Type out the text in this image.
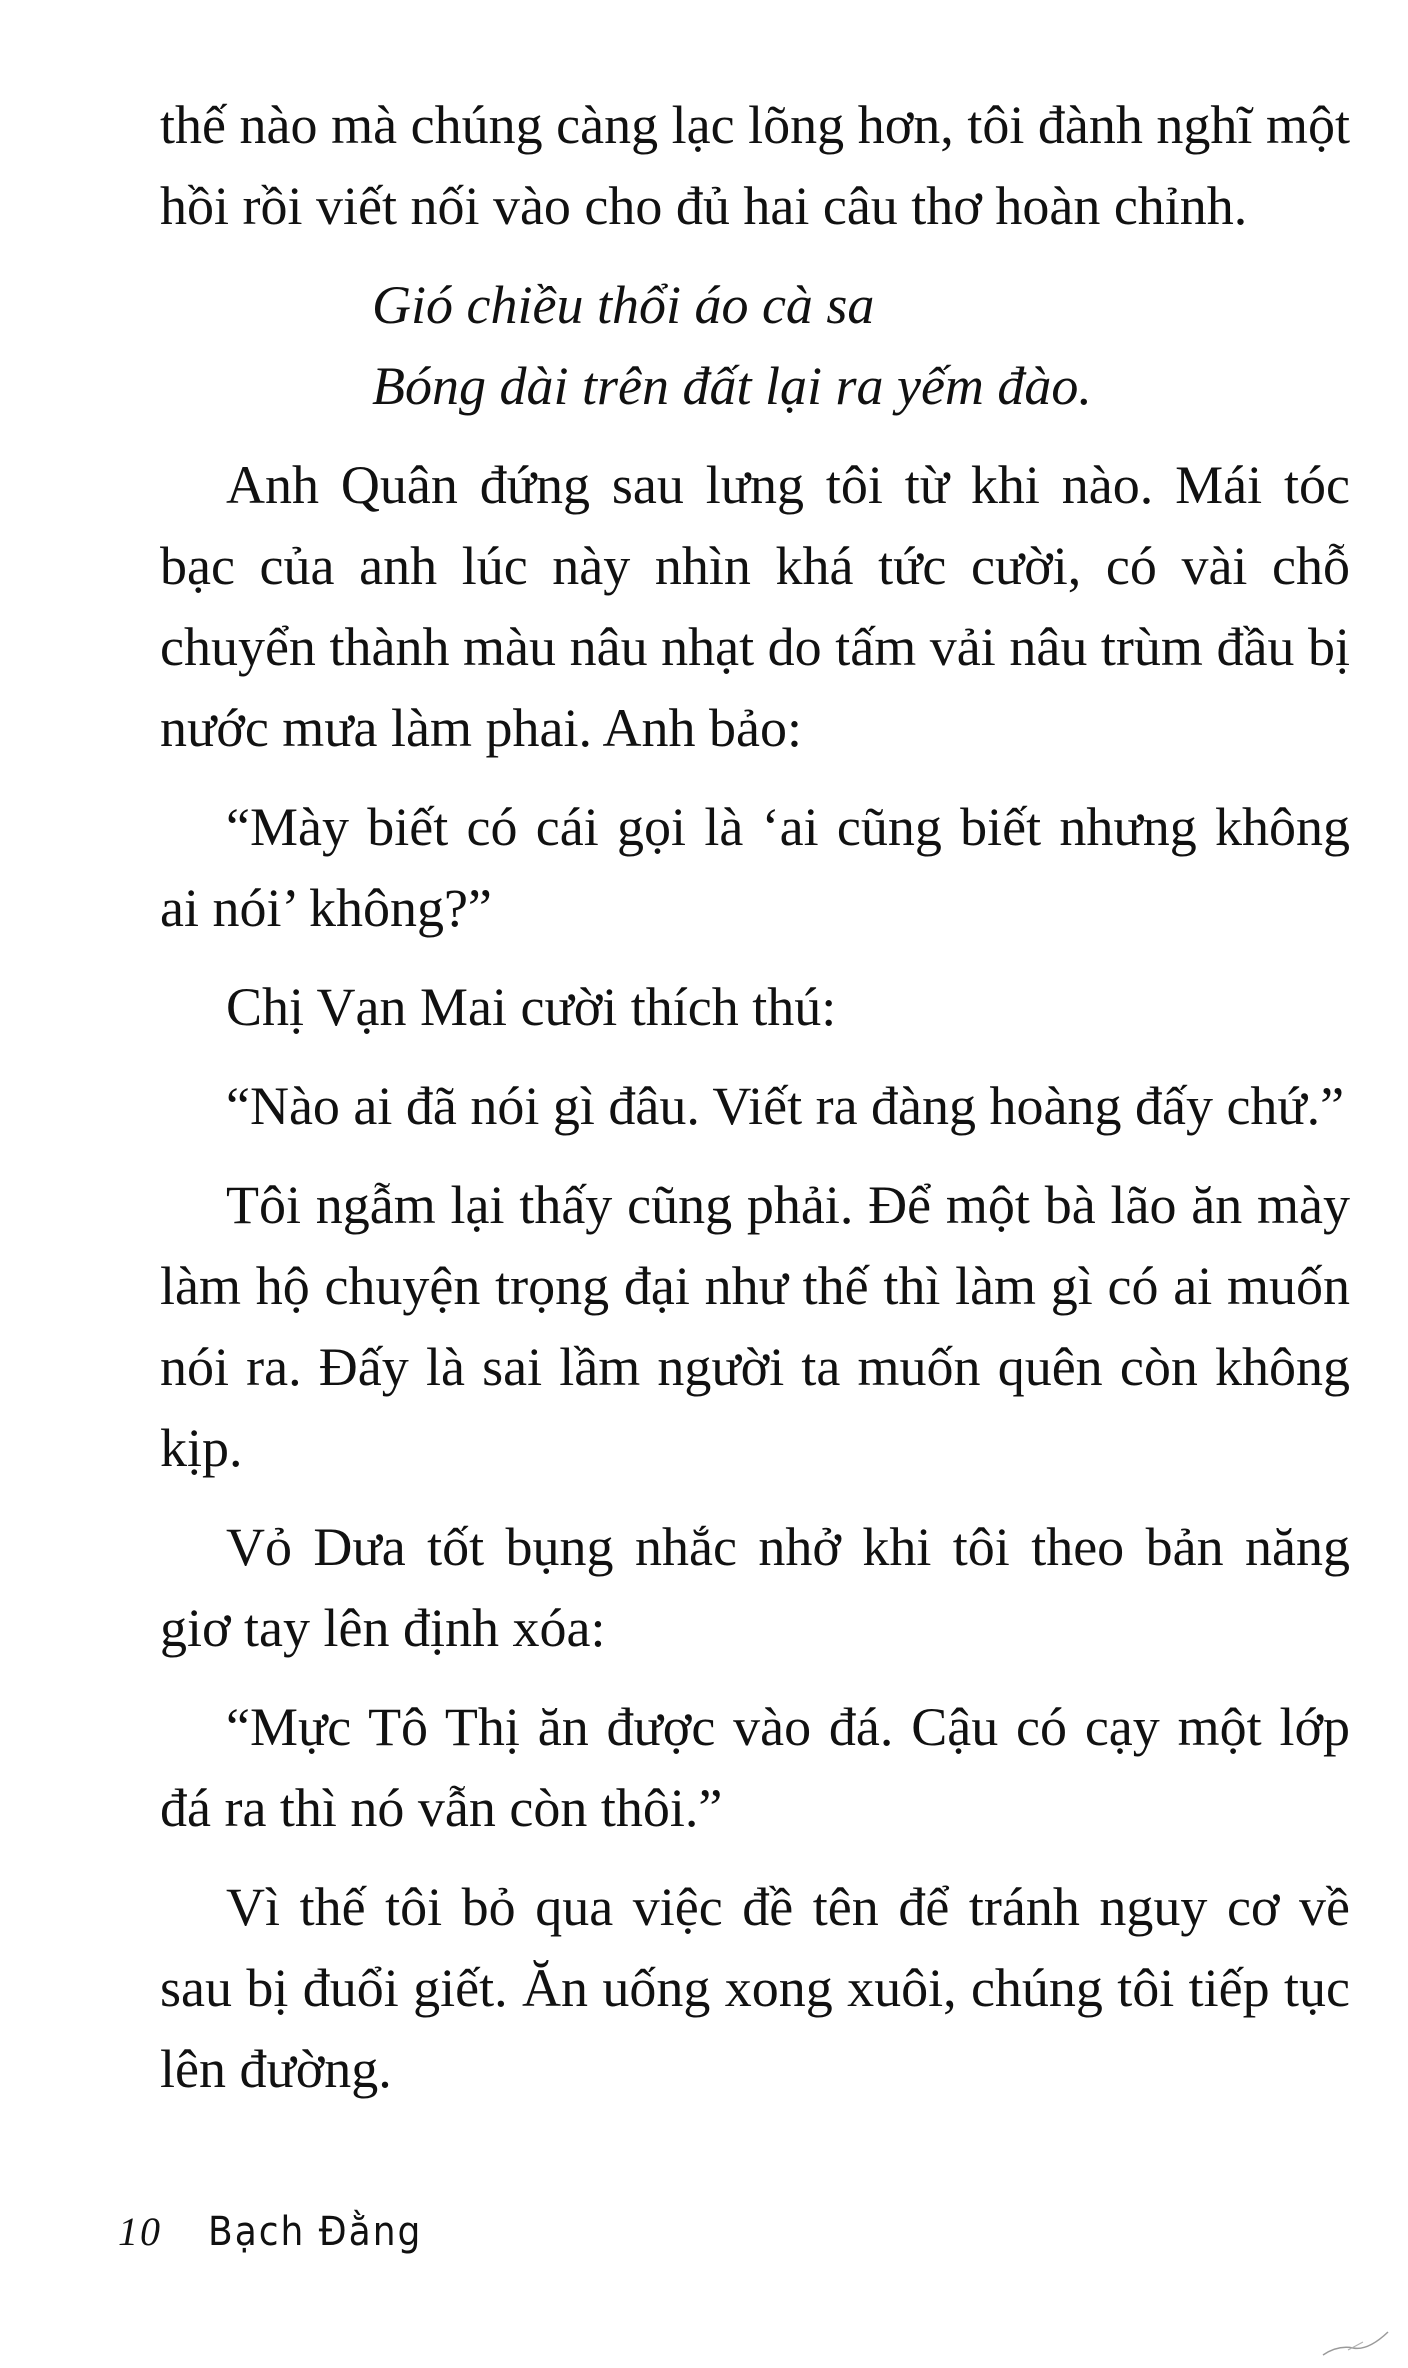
thế nào mà chúng càng lạc lõng hơn, tôi đành nghĩ một hồi rồi viết nối vào cho đủ hai câu thơ hoàn chỉnh.

Gió chiều thổi áo cà sa

Bóng dài trên đất lại ra yếm đào.

Anh Quân đứng sau lưng tôi từ khi nào. Mái tóc bạc của anh lúc này nhìn khá tức cười, có vài chỗ chuyển thành màu nâu nhạt do tấm vải nâu trùm đầu bị nước mưa làm phai. Anh bảo:

“Mày biết có cái gọi là ‘ai cũng biết nhưng không ai nói’ không?”

Chị Vạn Mai cười thích thú:

“Nào ai đã nói gì đâu. Viết ra đàng hoàng đấy chứ.”

Tôi ngẫm lại thấy cũng phải. Để một bà lão ăn mày làm hộ chuyện trọng đại như thế thì làm gì có ai muốn nói ra. Đấy là sai lầm người ta muốn quên còn không kịp.

Vỏ Dưa tốt bụng nhắc nhở khi tôi theo bản năng giơ tay lên định xóa:

“Mực Tô Thị ăn được vào đá. Cậu có cạy một lớp đá ra thì nó vẫn còn thôi.”

Vì thế tôi bỏ qua việc đề tên để tránh nguy cơ về sau bị đuổi giết. Ăn uống xong xuôi, chúng tôi tiếp tục lên đường.

10 Bạch Đằng
